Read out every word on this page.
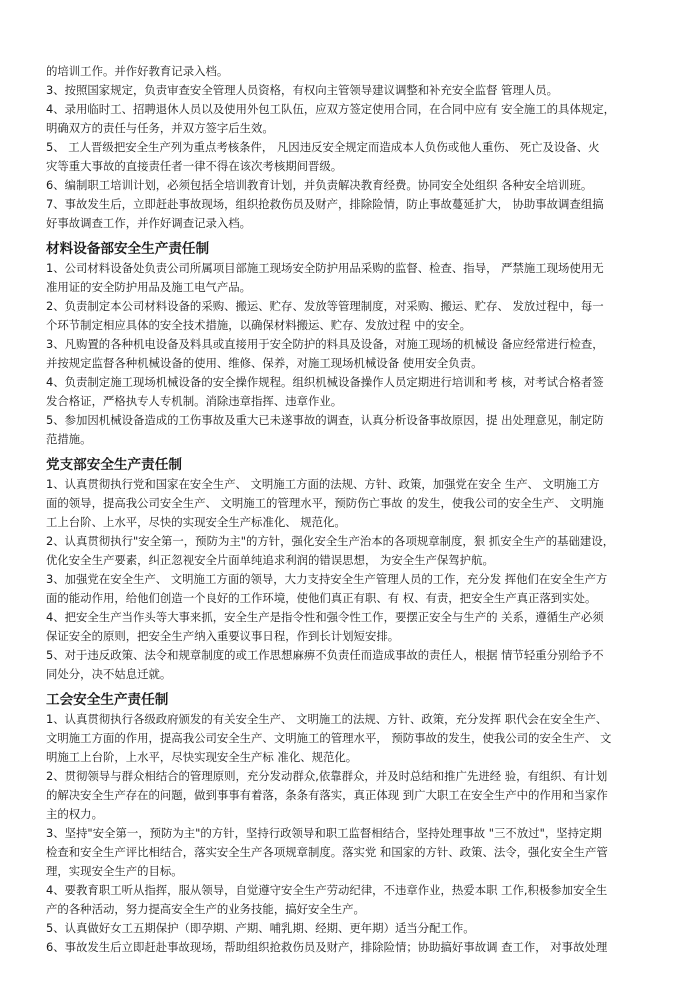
的培训工作。并作好教育记录入档。
3、按照国家规定，负责审查安全管理人员资格，有权向主管领导建议调整和补充安全监督 管理人员。
4、录用临时工、招聘退休人员以及使用外包工队伍，应双方签定使用合同，在合同中应有 安全施工的具体规定，
明确双方的责任与任务，并双方签字后生效。
5、 工人晋级把安全生产列为重点考核条件， 凡因违反安全规定而造成本人负伤或他人重伤、 死亡及设备、火
灾等重大事故的直接责任者一律不得在该次考核期间晋级。
6、编制职工培训计划，必须包括全培训教育计划，并负责解决教育经费。协同安全处组织 各种安全培训班。
7、事故发生后，立即赶赴事故现场，组织抢救伤员及财产，排除险情，防止事故蔓延扩大， 协助事故调查组搞
好事故调查工作，并作好调查记录入档。
材料设备部安全生产责任制
1、公司材料设备处负责公司所属项目部施工现场安全防护用品采购的监督、检查、指导， 严禁施工现场使用无
准用证的安全防护用品及施工电气产品。
2、负责制定本公司材料设备的采购、搬运、贮存、发放等管理制度，对采购、搬运、贮存、 发放过程中，每一
个环节制定相应具体的安全技术措施，以确保材料搬运、贮存、发放过程 中的安全。
3、凡购置的各种机电设备及料具或直接用于安全防护的料具及设备，对施工现场的机械设 备应经常进行检查，
并按规定监督各种机械设备的使用、维修、保养，对施工现场机械设备 使用安全负责。
4、负责制定施工现场机械设备的安全操作规程。组织机械设备操作人员定期进行培训和考 核，对考试合格者签
发合格证，严格执专人专机制。消除违章指挥、违章作业。
5、参加因机械设备造成的工伤事故及重大已未遂事故的调查，认真分析设备事故原因，提 出处理意见，制定防
范措施。
党支部安全生产责任制
1、认真贯彻执行党和国家在安全生产、 文明施工方面的法规、方针、政策，加强党在安全 生产、 文明施工方
面的领导，提高我公司安全生产、 文明施工的管理水平，预防伤亡事故 的发生，使我公司的安全生产、 文明施
工上台阶、上水平，尽快的实现安全生产标准化、 规范化。
2、认真贯彻执行"安全第一，预防为主"的方针，强化安全生产治本的各项规章制度，狠 抓安全生产的基础建设，
优化安全生产要素，纠正忽视安全片面单纯追求利润的错误思想， 为安全生产保驾护航。
3、加强党在安全生产、 文明施工方面的领导，大力支持安全生产管理人员的工作，充分发 挥他们在安全生产方
面的能动作用，给他们创造一个良好的工作环境，使他们真正有职、有 权、有责，把安全生产真正落到实处。
4、把安全生产当作头等大事来抓，安全生产是指令性和强令性工作，要摆正安全与生产的 关系，遵循生产必须
保证安全的原则，把安全生产纳入重要议事日程，作到长计划短安排。
5、对于违反政策、法令和规章制度的或工作思想麻痹不负责任而造成事故的责任人，根据 情节轻重分别给予不
同处分，决不姑息迁就。
工会安全生产责任制
1、认真贯彻执行各级政府颁发的有关安全生产、 文明施工的法规、方针、政策，充分发挥 职代会在安全生产、
文明施工方面的作用，提高我公司安全生产、文明施工的管理水平， 预防事故的发生，使我公司的安全生产、 文
明施工上台阶，上水平，尽快实现安全生产标 准化、规范化。
2、贯彻领导与群众相结合的管理原则，充分发动群众,依靠群众，并及时总结和推广先进经 验，有组织、有计划
的解决安全生产存在的问题，做到事事有着落，条条有落实，真正体现 到广大职工在安全生产中的作用和当家作
主的权力。
3、坚持"安全第一，预防为主"的方针，坚持行政领导和职工监督相结合，坚持处理事故 "三不放过"，坚持定期
检查和安全生产评比相结合，落实安全生产各项规章制度。落实党 和国家的方针、政策、法令，强化安全生产管
理，实现安全生产的目标。
4、要教育职工听从指挥，服从领导，自觉遵守安全生产劳动纪律，不违章作业，热爱本职 工作,积极参加安全生
产的各种活动，努力提高安全生产的业务技能，搞好安全生产。
5、认真做好女工五期保护（即孕期、产期、哺乳期、经期、更年期）适当分配工作。
6、事故发生后立即赶赴事故现场，帮助组织抢救伤员及财产，排除险情；协助搞好事故调 查工作， 对事故处理
